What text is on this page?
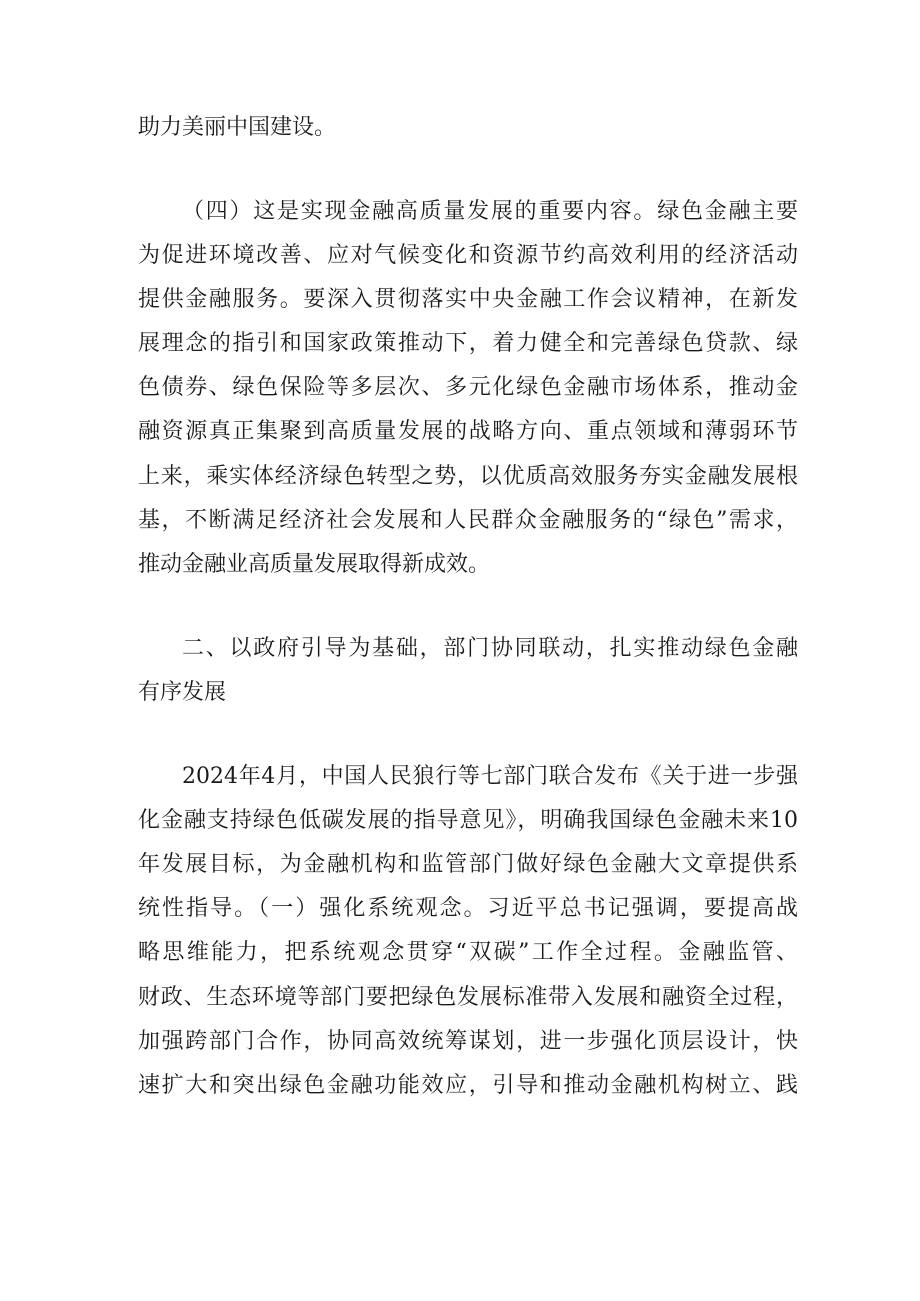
助力美丽中国建设。
（四）这是实现金融高质量发展的重要内容。绿色金融主要
为促进环境改善、应对气候变化和资源节约高效利用的经济活动
提供金融服务。要深入贯彻落实中央金融工作会议精神，在新发
展理念的指引和国家政策推动下，着力健全和完善绿色贷款、绿
色债券、绿色保险等多层次、多元化绿色金融市场体系，推动金
融资源真正集聚到高质量发展的战略方向、重点领域和薄弱环节
上来，乘实体经济绿色转型之势，以优质高效服务夯实金融发展根
基，不断满足经济社会发展和人民群众金融服务的“绿色”需求，
推动金融业高质量发展取得新成效。
二、以政府引导为基础，部门协同联动，扎实推动绿色金融
有序发展
2024年4月，中国人民狼行等七部门联合发布《关于进一步强
化金融支持绿色低碳发展的指导意见》，明确我国绿色金融未来10
年发展目标，为金融机构和监管部门做好绿色金融大文章提供系
统性指导。（一）强化系统观念。习近平总书记强调，要提高战
略思维能力，把系统观念贯穿“双碳”工作全过程。金融监管、
财政、生态环境等部门要把绿色发展标准带入发展和融资全过程，
加强跨部门合作，协同高效统筹谋划，进一步强化顶层设计，快
速扩大和突出绿色金融功能效应，引导和推动金融机构树立、践
